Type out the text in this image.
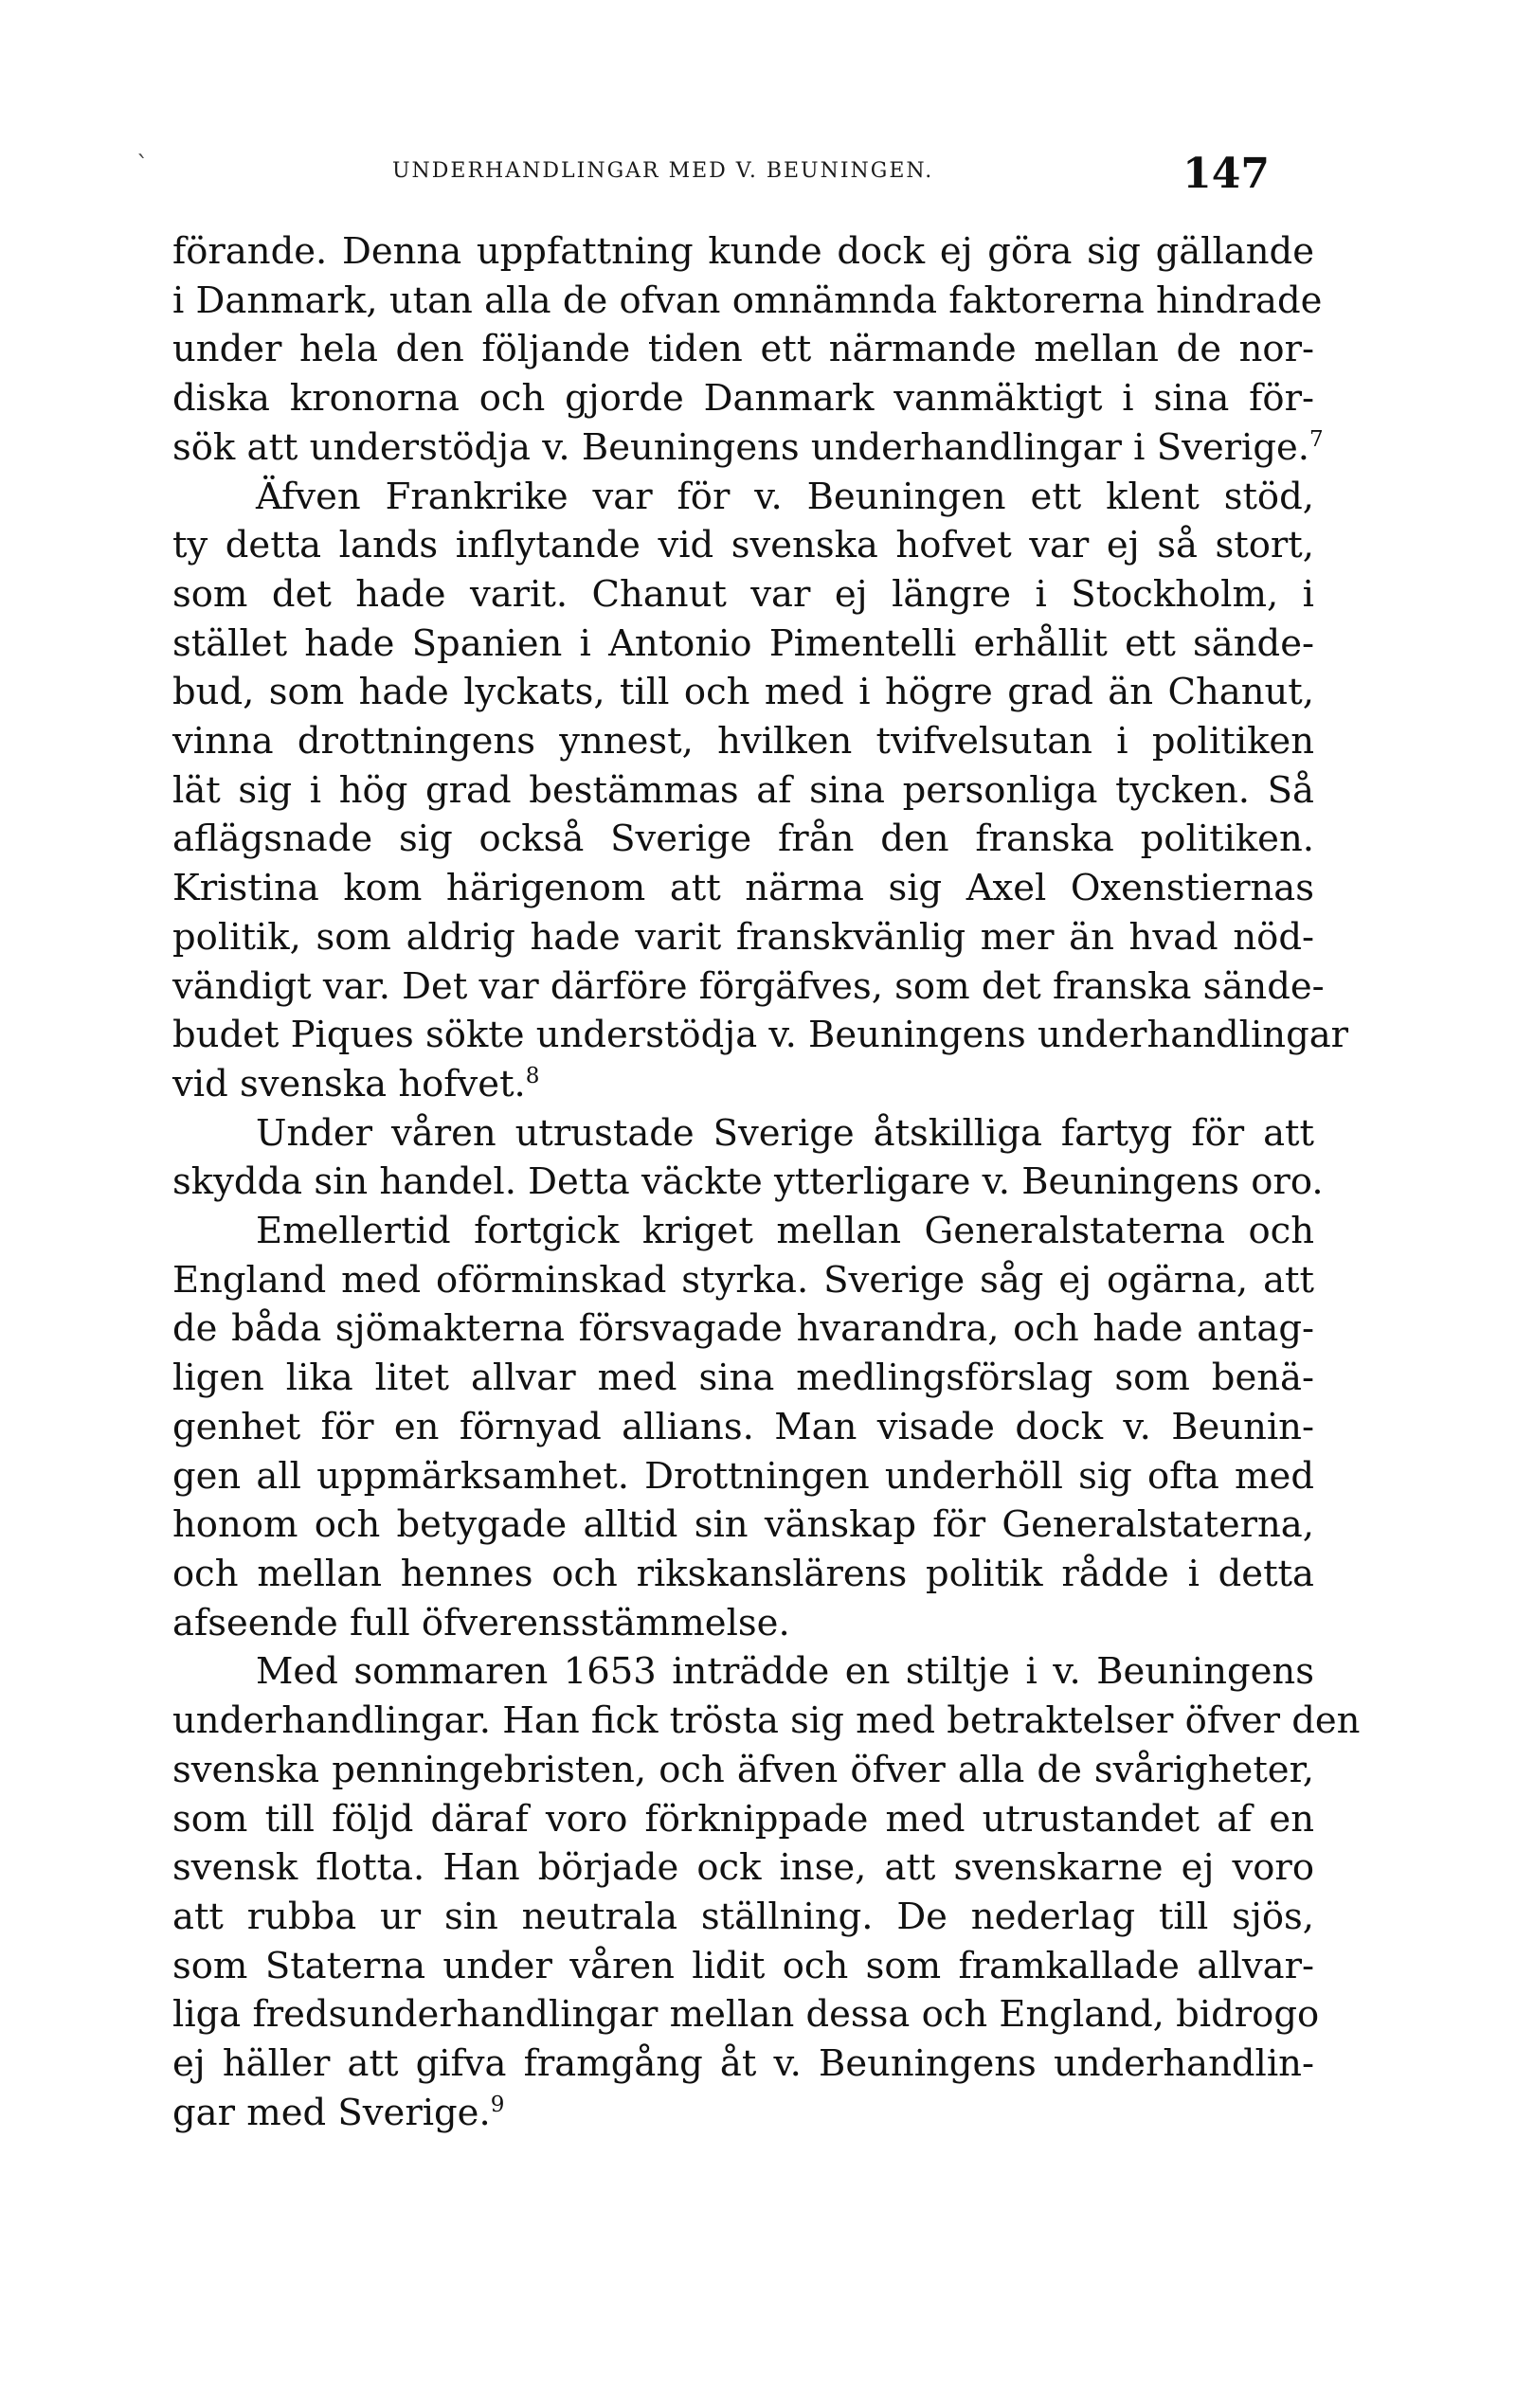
`	UNDERHANDLINGAR MED V. BEUNINGEN.	147
förande. Denna uppfattning kunde dock ej göra sig gällande
i Danmark, utan alla de ofvan omnämnda faktorerna hindrade
under hela den följande tiden ett närmande mellan de nor-
diska kronorna och gjorde Danmark vanmäktigt i sina för-
sök att understödja v. Beuningens underhandlingar i Sverige.$^7$
Äfven Frankrike var för v. Beuningen ett klent stöd,
ty detta lands inflytande vid svenska hofvet var ej så stort,
som det hade varit. Chanut var ej längre i Stockholm, i
stället hade Spanien i Antonio Pimentelli erhållit ett sände-
bud, som hade lyckats, till och med i högre grad än Chanut,
vinna drottningens ynnest, hvilken tvifvelsutan i politiken
lät sig i hög grad bestämmas af sina personliga tycken. Så
aflägsnade sig också Sverige från den franska politiken.
Kristina kom härigenom att närma sig Axel Oxenstiernas
politik, som aldrig hade varit franskvänlig mer än hvad nöd-
vändigt var. Det var därföre förgäfves, som det franska sände-
budet Piques sökte understödja v. Beuningens underhandlingar
vid svenska hofvet.$^8$
Under våren utrustade Sverige åtskilliga fartyg för att
skydda sin handel. Detta väckte ytterligare v. Beuningens oro.
Emellertid fortgick kriget mellan Generalstaterna och
England med oförminskad styrka. Sverige såg ej ogärna, att
de båda sjömakterna försvagade hvarandra, och hade antag-
ligen lika litet allvar med sina medlingsförslag som benä-
genhet för en förnyad allians. Man visade dock v. Beunin-
gen all uppmärksamhet. Drottningen underhöll sig ofta med
honom och betygade alltid sin vänskap för Generalstaterna,
och mellan hennes och rikskanslärens politik rådde i detta
afseende full öfverensstämmelse.
Med sommaren 1653 inträdde en stiltje i v. Beuningens
underhandlingar. Han fick trösta sig med betraktelser öfver den
svenska penningebristen, och äfven öfver alla de svårigheter,
som till följd däraf voro förknippade med utrustandet af en
svensk flotta. Han började ock inse, att svenskarne ej voro
att rubba ur sin neutrala ställning. De nederlag till sjös,
som Staterna under våren lidit och som framkallade allvar-
liga fredsunderhandlingar mellan dessa och England, bidrogo
ej häller att gifva framgång åt v. Beuningens underhandlin-
gar med Sverige.$^9$
